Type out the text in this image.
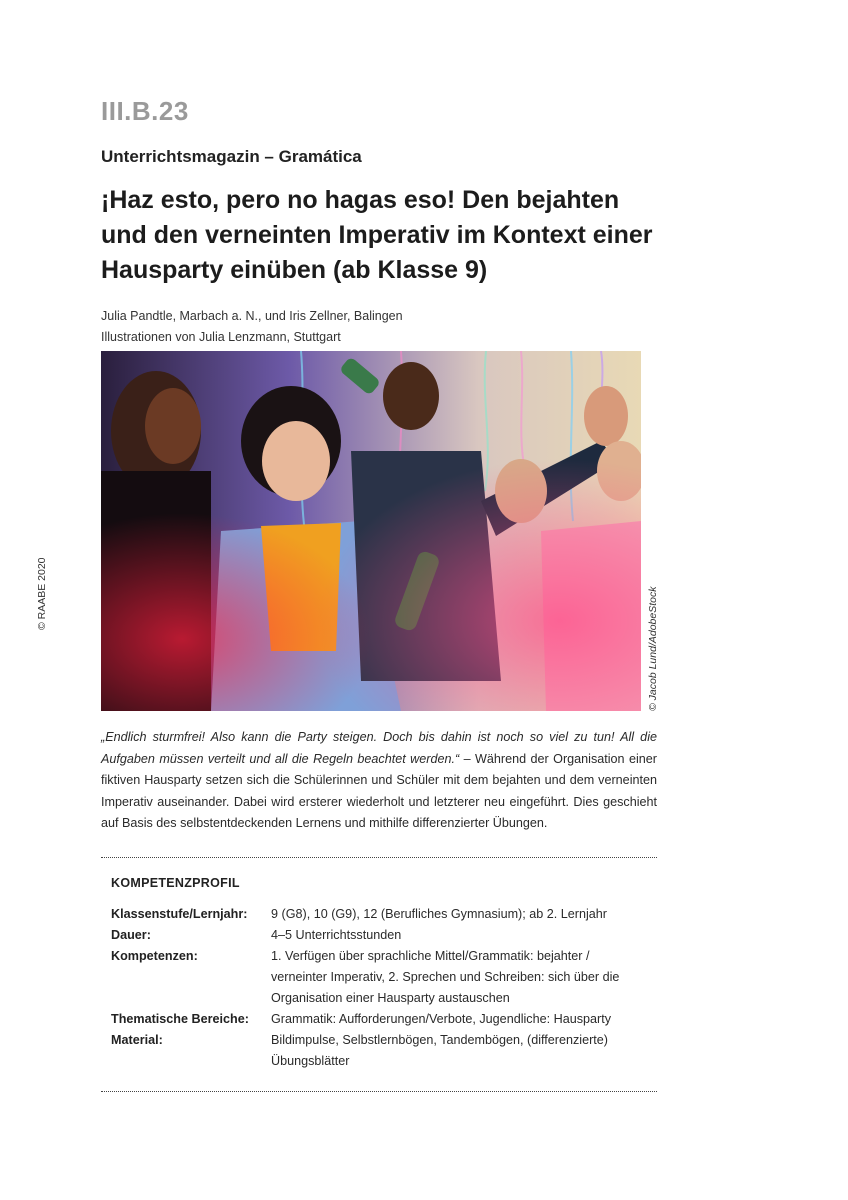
III.B.23
Unterrichtsmagazin – Gramática
¡Haz esto, pero no hagas eso! Den bejahten und den verneinten Imperativ im Kontext einer Hausparty einüben (ab Klasse 9)
Julia Pandtle, Marbach a. N., und Iris Zellner, Balingen
Illustrationen von Julia Lenzmann, Stuttgart
© Jacob Lund/AdobeStock
© RAABE 2020

„Endlich sturmfrei! Also kann die Party steigen. Doch bis dahin ist noch so viel zu tun! All die Aufgaben müssen verteilt und all die Regeln beachtet werden.“ – Während der Organisation einer fiktiven Hausparty setzen sich die Schülerinnen und Schüler mit dem bejahten und dem verneinten Imperativ auseinander. Dabei wird ersterer wiederholt und letzterer neu eingeführt. Dies geschieht auf Basis des selbstentdeckenden Lernens und mithilfe differenzierter Übungen.

KOMPETENZPROFIL
Klassenstufe/Lernjahr:	9 (G8), 10 (G9), 12 (Berufliches Gymnasium); ab 2. Lernjahr
Dauer:	4–5 Unterrichtsstunden
Kompetenzen:	1. Verfügen über sprachliche Mittel/Grammatik: bejahter / verneinter Imperativ, 2. Sprechen und Schreiben: sich über die Organisation einer Hausparty austauschen
Thematische Bereiche:	Grammatik: Aufforderungen/Verbote, Jugendliche: Hausparty
Material:	Bildimpulse, Selbstlernbögen, Tandembögen, (differenzierte) Übungsblätter
